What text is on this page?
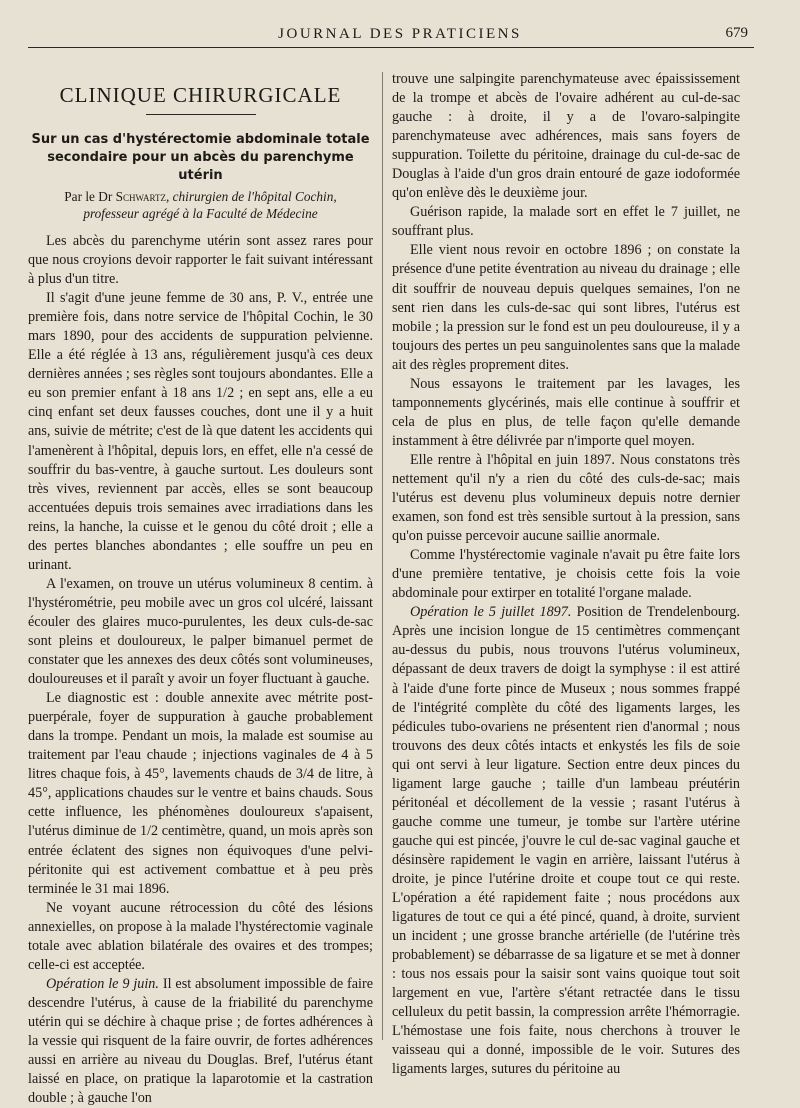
JOURNAL DES PRATICIENS	679
CLINIQUE CHIRURGICALE
Sur un cas d'hystérectomie abdominale totale
secondaire pour un abcès du parenchyme utérin
Par le Dr Schwartz, chirurgien de l'hôpital Cochin,
professeur agrégé à la Faculté de Médecine

Les abcès du parenchyme utérin sont assez rares pour que nous croyions devoir rapporter le fait suivant intéressant à plus d'un titre.

Il s'agit d'une jeune femme de 30 ans, P. V., entrée une première fois, dans notre service de l'hôpital Cochin, le 30 mars 1890, pour des accidents de suppuration pelvienne. Elle a été réglée à 13 ans, régulièrement jusqu'à ces deux dernières années ; ses règles sont toujours abondantes. Elle a eu son premier enfant à 18 ans 1/2 ; en sept ans, elle a eu cinq enfant set deux fausses couches, dont une il y a huit ans, suivie de métrite; c'est de là que datent les accidents qui l'amenèrent à l'hôpital, depuis lors, en effet, elle n'a cessé de souffrir du bas-ventre, à gauche surtout. Les douleurs sont très vives, reviennent par accès, elles se sont beaucoup accentuées depuis trois semaines avec irradiations dans les reins, la hanche, la cuisse et le genou du côté droit ; elle a des pertes blanches abondantes ; elle souffre un peu en urinant.

A l'examen, on trouve un utérus volumineux 8 centim. à l'hystérométrie, peu mobile avec un gros col ulcéré, laissant écouler des glaires muco-purulentes, les deux culs-de-sac sont pleins et douloureux, le palper bimanuel permet de constater que les annexes des deux côtés sont volumineuses, douloureuses et il paraît y avoir un foyer fluctuant à gauche.

Le diagnostic est : double annexite avec métrite post-puerpérale, foyer de suppuration à gauche probablement dans la trompe. Pendant un mois, la malade est soumise au traitement par l'eau chaude ; injections vaginales de 4 à 5 litres chaque fois, à 45°, lavements chauds de 3/4 de litre, à 45°, applications chaudes sur le ventre et bains chauds. Sous cette influence, les phénomènes douloureux s'apaisent, l'utérus diminue de 1/2 centimètre, quand, un mois après son entrée éclatent des signes non équivoques d'une pelvi-péritonite qui est activement combattue et à peu près terminée le 31 mai 1896.

Ne voyant aucune rétrocession du côté des lésions annexielles, on propose à la malade l'hystérectomie vaginale totale avec ablation bilatérale des ovaires et des trompes; celle-ci est acceptée.

Opération le 9 juin. Il est absolument impossible de faire descendre l'utérus, à cause de la friabilité du parenchyme utérin qui se déchire à chaque prise ; de fortes adhérences à la vessie qui risquent de la faire ouvrir, de fortes adhérences aussi en arrière au niveau du Douglas. Bref, l'utérus étant laissé en place, on pratique la laparotomie et la castration double ; à gauche l'on

trouve une salpingite parenchymateuse avec épaississement de la trompe et abcès de l'ovaire adhérent au cul-de-sac gauche : à droite, il y a de l'ovaro-salpingite parenchymateuse avec adhérences, mais sans foyers de suppuration. Toilette du péritoine, drainage du cul-de-sac de Douglas à l'aide d'un gros drain entouré de gaze iodoformée qu'on enlève dès le deuxième jour.

Guérison rapide, la malade sort en effet le 7 juillet, ne souffrant plus.

Elle vient nous revoir en octobre 1896 ; on constate la présence d'une petite éventration au niveau du drainage ; elle dit souffrir de nouveau depuis quelques semaines, l'on ne sent rien dans les culs-de-sac qui sont libres, l'utérus est mobile ; la pression sur le fond est un peu douloureuse, il y a toujours des pertes un peu sanguinolentes sans que la malade ait des règles proprement dites.

Nous essayons le traitement par les lavages, les tamponnements glycérinés, mais elle continue à souffrir et cela de plus en plus, de telle façon qu'elle demande instamment à être délivrée par n'importe quel moyen.

Elle rentre à l'hôpital en juin 1897. Nous constatons très nettement qu'il n'y a rien du côté des culs-de-sac; mais l'utérus est devenu plus volumineux depuis notre dernier examen, son fond est très sensible surtout à la pression, sans qu'on puisse percevoir aucune saillie anormale.

Comme l'hystérectomie vaginale n'avait pu être faite lors d'une première tentative, je choisis cette fois la voie abdominale pour extirper en totalité l'organe malade.

Opération le 5 juillet 1897. Position de Trendelenbourg. Après une incision longue de 15 centimètres commençant au-dessus du pubis, nous trouvons l'utérus volumineux, dépassant de deux travers de doigt la symphyse : il est attiré à l'aide d'une forte pince de Museux ; nous sommes frappé de l'intégrité complète du côté des ligaments larges, les pédicules tubo-ovariens ne présentent rien d'anormal ; nous trouvons des deux côtés intacts et enkystés les fils de soie qui ont servi à leur ligature. Section entre deux pinces du ligament large gauche ; taille d'un lambeau préutérin péritonéal et décollement de la vessie ; rasant l'utérus à gauche comme une tumeur, je tombe sur l'artère utérine gauche qui est pincée, j'ouvre le cul de-sac vaginal gauche et désinsère rapidement le vagin en arrière, laissant l'utérus à droite, je pince l'utérine droite et coupe tout ce qui reste. L'opération a été rapidement faite ; nous procédons aux ligatures de tout ce qui a été pincé, quand, à droite, survient un incident ; une grosse branche artérielle (de l'utérine très probablement) se débarrasse de sa ligature et se met à donner : tous nos essais pour la saisir sont vains quoique tout soit largement en vue, l'artère s'étant retractée dans le tissu celluleux du petit bassin, la compression arrête l'hémorragie. L'hémostase une fois faite, nous cherchons à trouver le vaisseau qui a donné, impossible de le voir. Sutures des ligaments larges, sutures du péritoine au
